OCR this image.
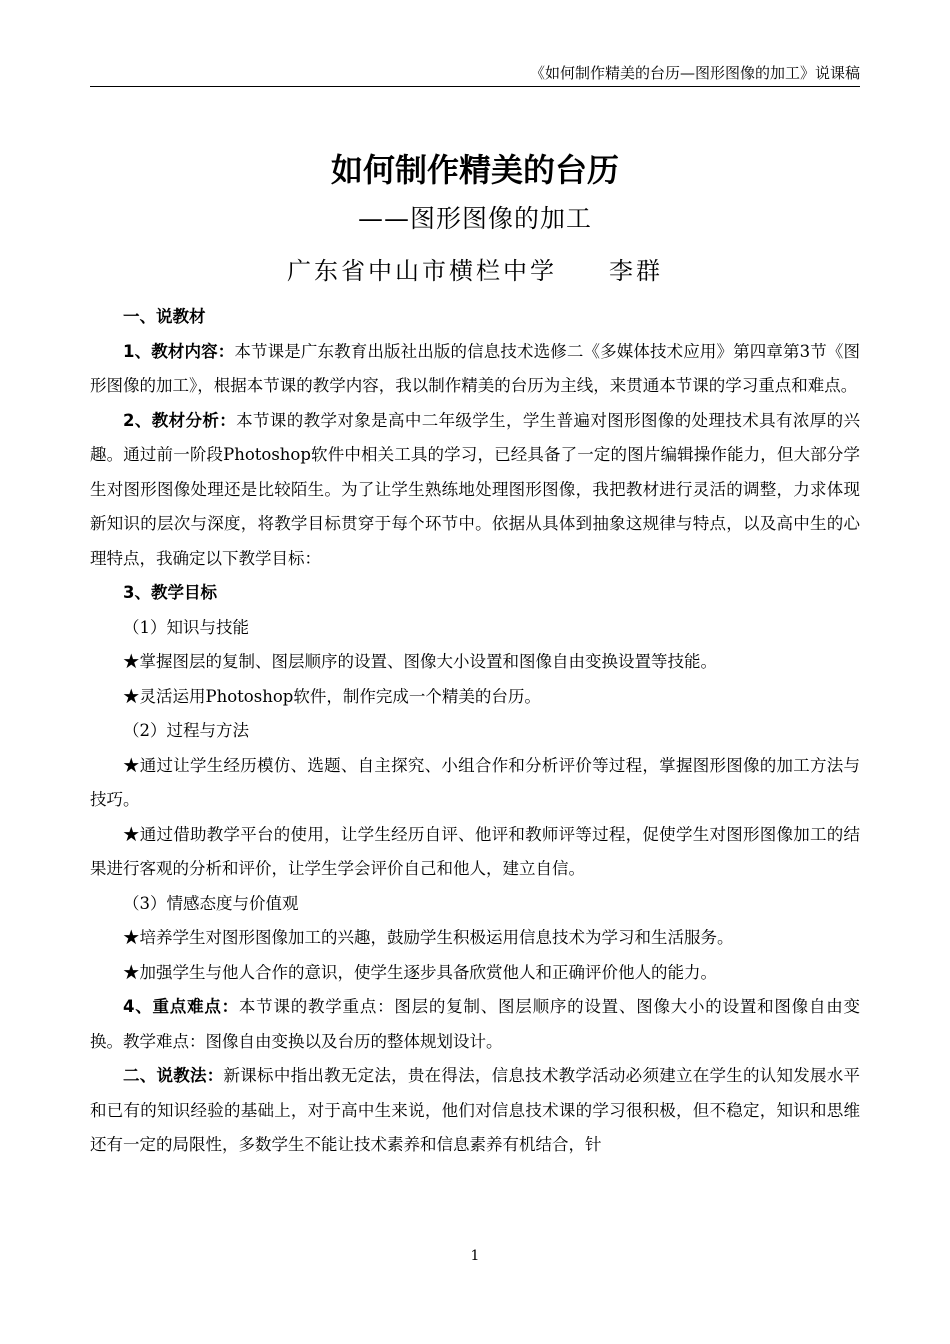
《如何制作精美的台历—图形图像的加工》说课稿
如何制作精美的台历
——图形图像的加工
广东省中山市横栏中学 李群

一、说教材

1、教材内容：本节课是广东教育出版社出版的信息技术选修二《多媒体技术应用》第四章第3节《图形图像的加工》，根据本节课的教学内容，我以制作精美的台历为主线，来贯通本节课的学习重点和难点。

2、教材分析：本节课的教学对象是高中二年级学生，学生普遍对图形图像的处理技术具有浓厚的兴趣。通过前一阶段Photoshop软件中相关工具的学习，已经具备了一定的图片编辑操作能力，但大部分学生对图形图像处理还是比较陌生。为了让学生熟练地处理图形图像，我把教材进行灵活的调整，力求体现新知识的层次与深度，将教学目标贯穿于每个环节中。依据从具体到抽象这规律与特点，以及高中生的心理特点，我确定以下教学目标：

3、教学目标

（1）知识与技能

★掌握图层的复制、图层顺序的设置、图像大小设置和图像自由变换设置等技能。

★灵活运用Photoshop软件，制作完成一个精美的台历。

（2）过程与方法

★通过让学生经历模仿、选题、自主探究、小组合作和分析评价等过程，掌握图形图像的加工方法与技巧。

★通过借助教学平台的使用，让学生经历自评、他评和教师评等过程，促使学生对图形图像加工的结果进行客观的分析和评价，让学生学会评价自己和他人，建立自信。

（3）情感态度与价值观

★培养学生对图形图像加工的兴趣，鼓励学生积极运用信息技术为学习和生活服务。

★加强学生与他人合作的意识，使学生逐步具备欣赏他人和正确评价他人的能力。

4、重点难点：本节课的教学重点：图层的复制、图层顺序的设置、图像大小的设置和图像自由变换。教学难点：图像自由变换以及台历的整体规划设计。

二、说教法：新课标中指出教无定法，贵在得法，信息技术教学活动必须建立在学生的认知发展水平和已有的知识经验的基础上，对于高中生来说，他们对信息技术课的学习很积极，但不稳定，知识和思维还有一定的局限性，多数学生不能让技术素养和信息素养有机结合，针

1
